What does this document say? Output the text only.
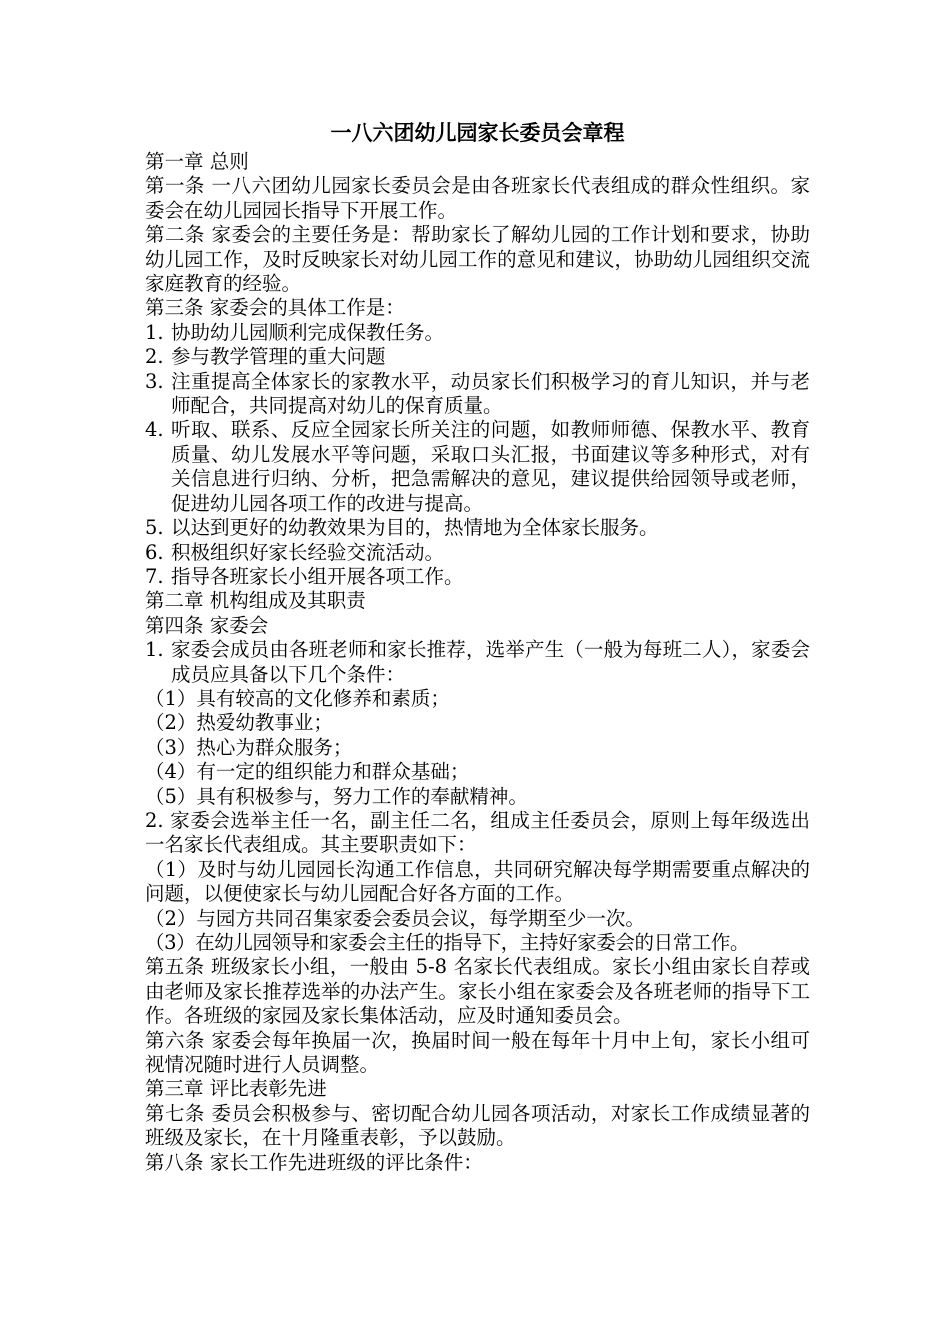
一八六团幼儿园家长委员会章程

第一章 总则

第一条 一八六团幼儿园家长委员会是由各班家长代表组成的群众性组织。家委会在幼儿园园长指导下开展工作。

第二条 家委会的主要任务是：帮助家长了解幼儿园的工作计划和要求，协助幼儿园工作，及时反映家长对幼儿园工作的意见和建议，协助幼儿园组织交流家庭教育的经验。

第三条 家委会的具体工作是：

1. 协助幼儿园顺利完成保教任务。
2. 参与教学管理的重大问题
3. 注重提高全体家长的家教水平，动员家长们积极学习的育儿知识，并与老师配合，共同提高对幼儿的保育质量。
4. 听取、联系、反应全园家长所关注的问题，如教师师德、保教水平、教育质量、幼儿发展水平等问题，采取口头汇报，书面建议等多种形式，对有关信息进行归纳、分析，把急需解决的意见，建议提供给园领导或老师，促进幼儿园各项工作的改进与提高。
5. 以达到更好的幼教效果为目的，热情地为全体家长服务。
6. 积极组织好家长经验交流活动。
7. 指导各班家长小组开展各项工作。

第二章 机构组成及其职责

第四条 家委会

1. 家委会成员由各班老师和家长推荐，选举产生（一般为每班二人），家委会成员应具备以下几个条件：

（1）具有较高的文化修养和素质；

（2）热爱幼教事业；

（3）热心为群众服务；

（4）有一定的组织能力和群众基础；

（5）具有积极参与，努力工作的奉献精神。

2. 家委会选举主任一名，副主任二名，组成主任委员会，原则上每年级选出一名家长代表组成。其主要职责如下：

（1）及时与幼儿园园长沟通工作信息，共同研究解决每学期需要重点解决的问题，以便使家长与幼儿园配合好各方面的工作。

（2）与园方共同召集家委会委员会议，每学期至少一次。

（3）在幼儿园领导和家委会主任的指导下，主持好家委会的日常工作。

第五条 班级家长小组，一般由 5-8 名家长代表组成。家长小组由家长自荐或由老师及家长推荐选举的办法产生。家长小组在家委会及各班老师的指导下工作。各班级的家园及家长集体活动，应及时通知委员会。

第六条 家委会每年换届一次，换届时间一般在每年十月中上旬，家长小组可视情况随时进行人员调整。

第三章 评比表彰先进

第七条 委员会积极参与、密切配合幼儿园各项活动，对家长工作成绩显著的班级及家长，在十月隆重表彰，予以鼓励。

第八条 家长工作先进班级的评比条件：
